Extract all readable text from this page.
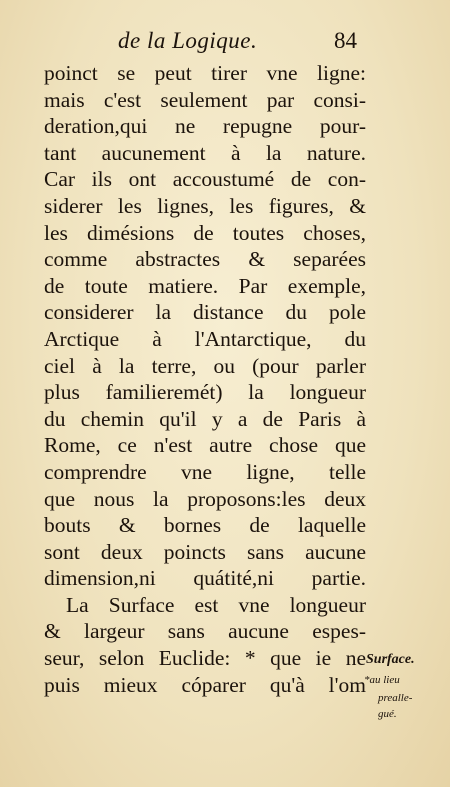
de la Logique.	84
poinct se peut tirer vne ligne:
mais c'est seulement par consi-
deration,qui ne repugne pour-
tant aucunement à la nature.
Car ils ont accoustumé de con-
siderer les lignes, les figures, &
les dimésions de toutes choses,
comme abstractes & separées
de toute matiere. Par exemple,
considerer la distance du pole
Arctique à l'Antarctique, du
ciel à la terre, ou (pour parler
plus familieremét) la longueur
du chemin qu'il y a de Paris à
Rome, ce n'est autre chose que
comprendre vne ligne, telle
que nous la proposons:les deux
bouts & bornes de laquelle
sont deux poincts sans aucune
dimension,ni quátité,ni partie.
La Surface est vne longueur
& largeur sans aucune espes-
seur, selon Euclide: * que ie ne
puis mieux cóparer qu'à l'om
Surface.
*au lieu
prealle-
gué.
